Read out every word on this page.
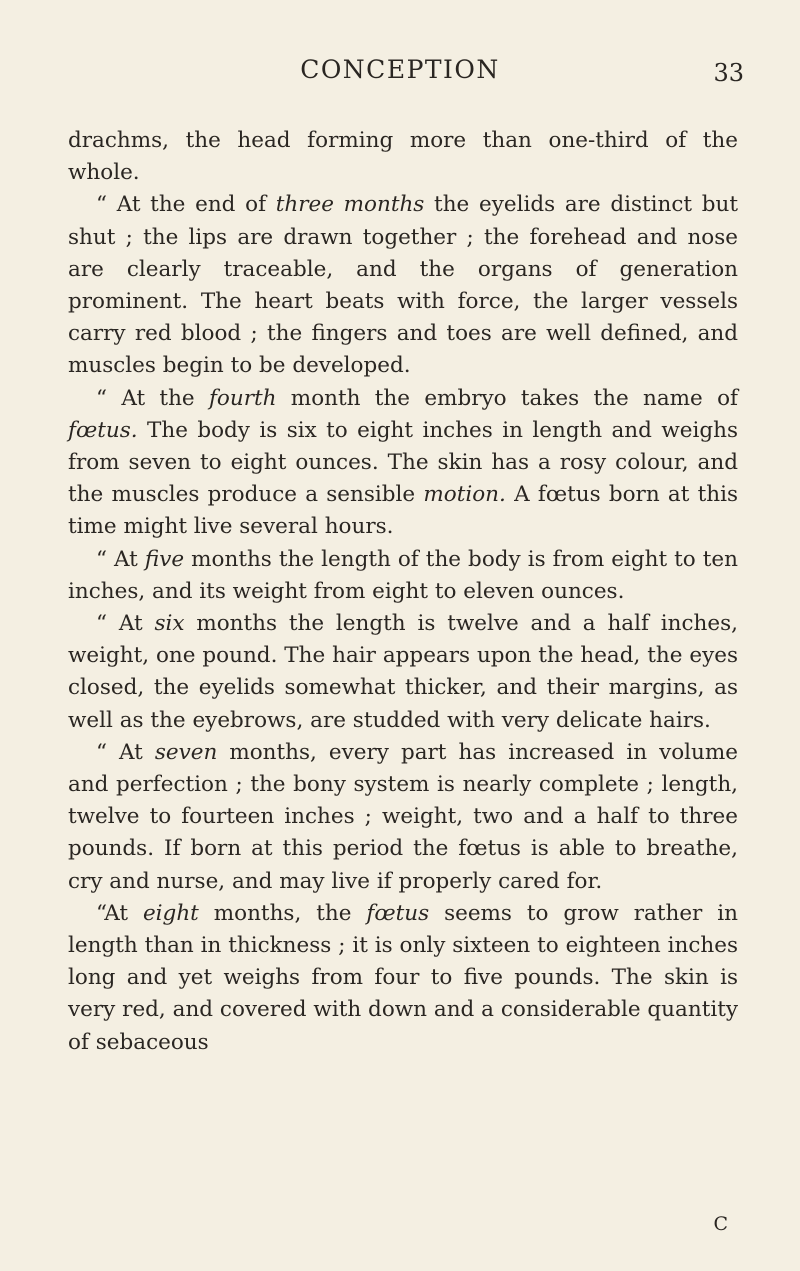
CONCEPTION	33

drachms, the head forming more than one-third of the whole.

“ At the end of three months the eyelids are distinct but shut ; the lips are drawn together ; the forehead and nose are clearly traceable, and the organs of generation prominent. The heart beats with force, the larger vessels carry red blood ; the fingers and toes are well defined, and muscles begin to be developed.

“ At the fourth month the embryo takes the name of fœtus. The body is six to eight inches in length and weighs from seven to eight ounces. The skin has a rosy colour, and the muscles produce a sensible motion. A fœtus born at this time might live several hours.

“ At five months the length of the body is from eight to ten inches, and its weight from eight to eleven ounces.

“ At six months the length is twelve and a half inches, weight, one pound. The hair appears upon the head, the eyes closed, the eyelids somewhat thicker, and their margins, as well as the eyebrows, are studded with very delicate hairs.

“ At seven months, every part has increased in volume and perfection ; the bony system is nearly complete ; length, twelve to fourteen inches ; weight, two and a half to three pounds. If born at this period the fœtus is able to breathe, cry and nurse, and may live if properly cared for.

“At eight months, the fœtus seems to grow rather in length than in thickness ; it is only sixteen to eighteen inches long and yet weighs from four to five pounds. The skin is very red, and covered with down and a considerable quantity of sebaceous

C
